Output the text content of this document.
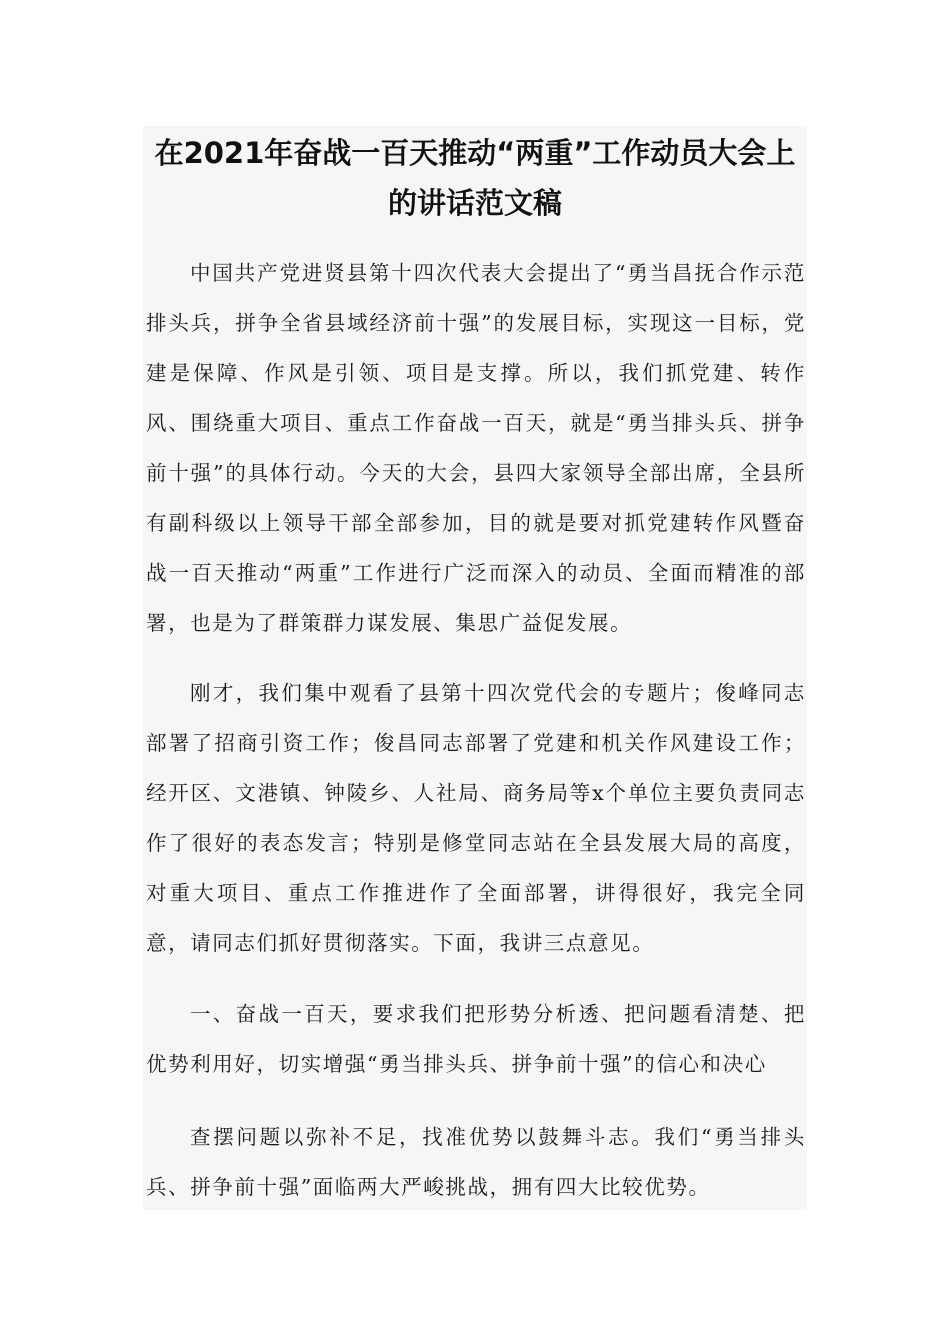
在2021年奋战一百天推动“两重”工作动员大会上的讲话范文稿

中国共产党进贤县第十四次代表大会提出了“勇当昌抚合作示范排头兵，拼争全省县域经济前十强”的发展目标，实现这一目标，党建是保障、作风是引领、项目是支撑。所以，我们抓党建、转作风、围绕重大项目、重点工作奋战一百天，就是“勇当排头兵、拼争前十强”的具体行动。今天的大会，县四大家领导全部出席，全县所有副科级以上领导干部全部参加，目的就是要对抓党建转作风暨奋战一百天推动“两重”工作进行广泛而深入的动员、全面而精准的部署，也是为了群策群力谋发展、集思广益促发展。

刚才，我们集中观看了县第十四次党代会的专题片；俊峰同志部署了招商引资工作；俊昌同志部署了党建和机关作风建设工作；经开区、文港镇、钟陵乡、人社局、商务局等x个单位主要负责同志作了很好的表态发言；特别是修堂同志站在全县发展大局的高度，对重大项目、重点工作推进作了全面部署，讲得很好，我完全同意，请同志们抓好贯彻落实。下面，我讲三点意见。

一、奋战一百天，要求我们把形势分析透、把问题看清楚、把优势利用好，切实增强“勇当排头兵、拼争前十强”的信心和决心

查摆问题以弥补不足，找准优势以鼓舞斗志。我们“勇当排头兵、拼争前十强”面临两大严峻挑战，拥有四大比较优势。
